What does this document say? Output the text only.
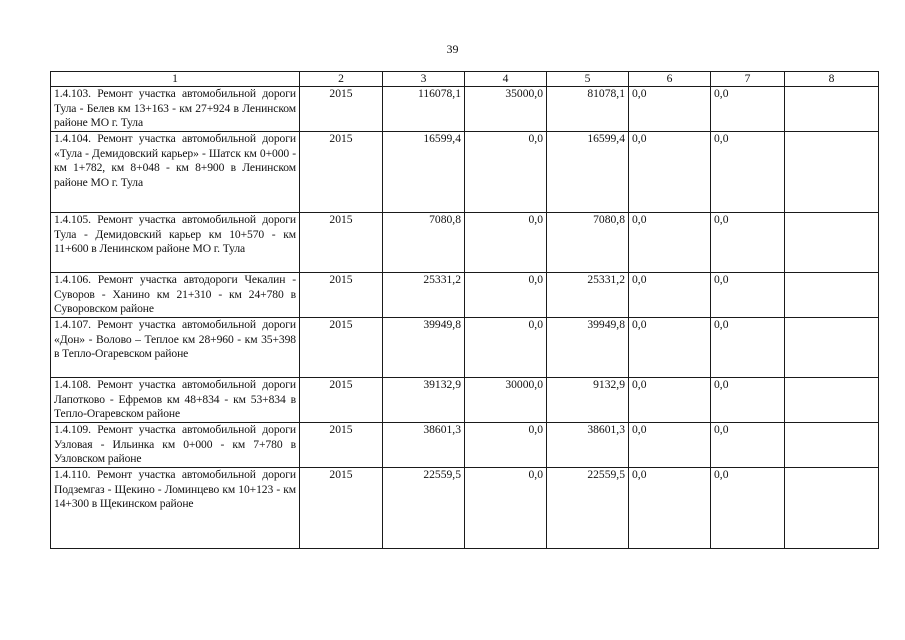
39
1	2	3	4	5	6	7	8
1.4.103. Ремонт участка автомобильной дороги Тула - Белев км 13+163 - км 27+924 в Ленинском районе МО г. Тула	2015	116078,1	35000,0	81078,1	0,0	0,0	
1.4.104. Ремонт участка автомобильной дороги «Тула - Демидовский карьер» - Шатск км 0+000 - км 1+782, км 8+048 - км 8+900 в Ленинском районе МО г. Тула	2015	16599,4	0,0	16599,4	0,0	0,0	
1.4.105. Ремонт участка автомобильной дороги Тула - Демидовский карьер км 10+570 - км 11+600 в Ленинском районе МО г. Тула	2015	7080,8	0,0	7080,8	0,0	0,0	
1.4.106. Ремонт участка автодороги Чекалин - Суворов - Ханино км 21+310 - км 24+780 в Суворовском районе	2015	25331,2	0,0	25331,2	0,0	0,0	
1.4.107. Ремонт участка автомобильной дороги «Дон» - Волово – Теплое км 28+960 - км 35+398 в Тепло-Огаревском районе	2015	39949,8	0,0	39949,8	0,0	0,0	
1.4.108. Ремонт участка автомобильной дороги Лапотково - Ефремов км 48+834 - км 53+834 в Тепло-Огаревском районе	2015	39132,9	30000,0	9132,9	0,0	0,0	
1.4.109. Ремонт участка автомобильной дороги Узловая - Ильинка км 0+000 - км 7+780 в Узловском районе	2015	38601,3	0,0	38601,3	0,0	0,0	
1.4.110. Ремонт участка автомобильной дороги Подземгаз - Щекино - Ломинцево км 10+123 - км 14+300 в Щекинском районе	2015	22559,5	0,0	22559,5	0,0	0,0	
